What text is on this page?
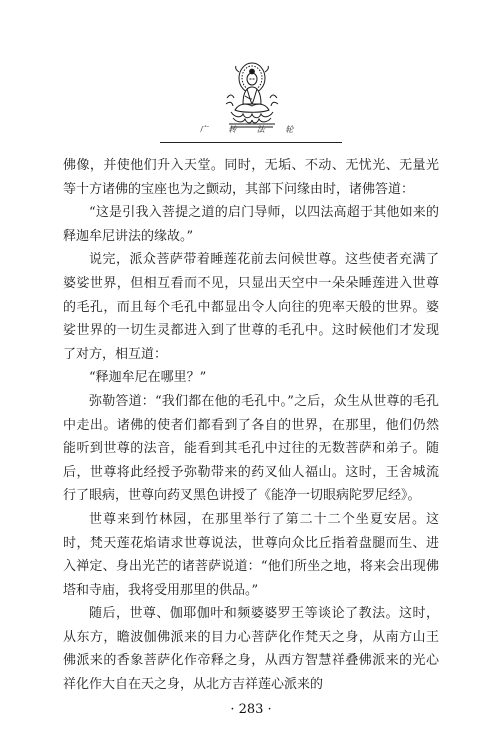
广 转 法 轮

佛像，并使他们升入天堂。同时，无垢、不动、无忧光、无量光等十方诸佛的宝座也为之颤动，其部下问缘由时，诸佛答道：

“这是引我入菩提之道的启门导师，以四法高超于其他如来的释迦牟尼讲法的缘故。”

说完，派众菩萨带着睡莲花前去问候世尊。这些使者充满了婆娑世界，但相互看而不见，只显出天空中一朵朵睡莲进入世尊的毛孔，而且每个毛孔中都显出令人向往的兜率天般的世界。婆娑世界的一切生灵都进入到了世尊的毛孔中。这时候他们才发现了对方，相互道：

“释迦牟尼在哪里？”

弥勒答道：“我们都在他的毛孔中。”之后，众生从世尊的毛孔中走出。诸佛的使者们都看到了各自的世界，在那里，他们仍然能听到世尊的法音，能看到其毛孔中过往的无数菩萨和弟子。随后，世尊将此经授予弥勒带来的药叉仙人福山。这时，王舍城流行了眼病，世尊向药叉黑色讲授了《能净一切眼病陀罗尼经》。

世尊来到竹林园，在那里举行了第二十二个坐夏安居。这时，梵天莲花焰请求世尊说法，世尊向众比丘指着盘腿而生、进入禅定、身出光芒的诸菩萨说道：“他们所坐之地，将来会出现佛塔和寺庙，我将受用那里的供品。”

随后，世尊、伽耶伽叶和频婆婆罗王等谈论了教法。这时，从东方，瞻波伽佛派来的目力心菩萨化作梵天之身，从南方山王佛派来的香象菩萨化作帝释之身，从西方智慧祥叠佛派来的光心祥化作大自在天之身，从北方吉祥莲心派来的

· 283 ·
